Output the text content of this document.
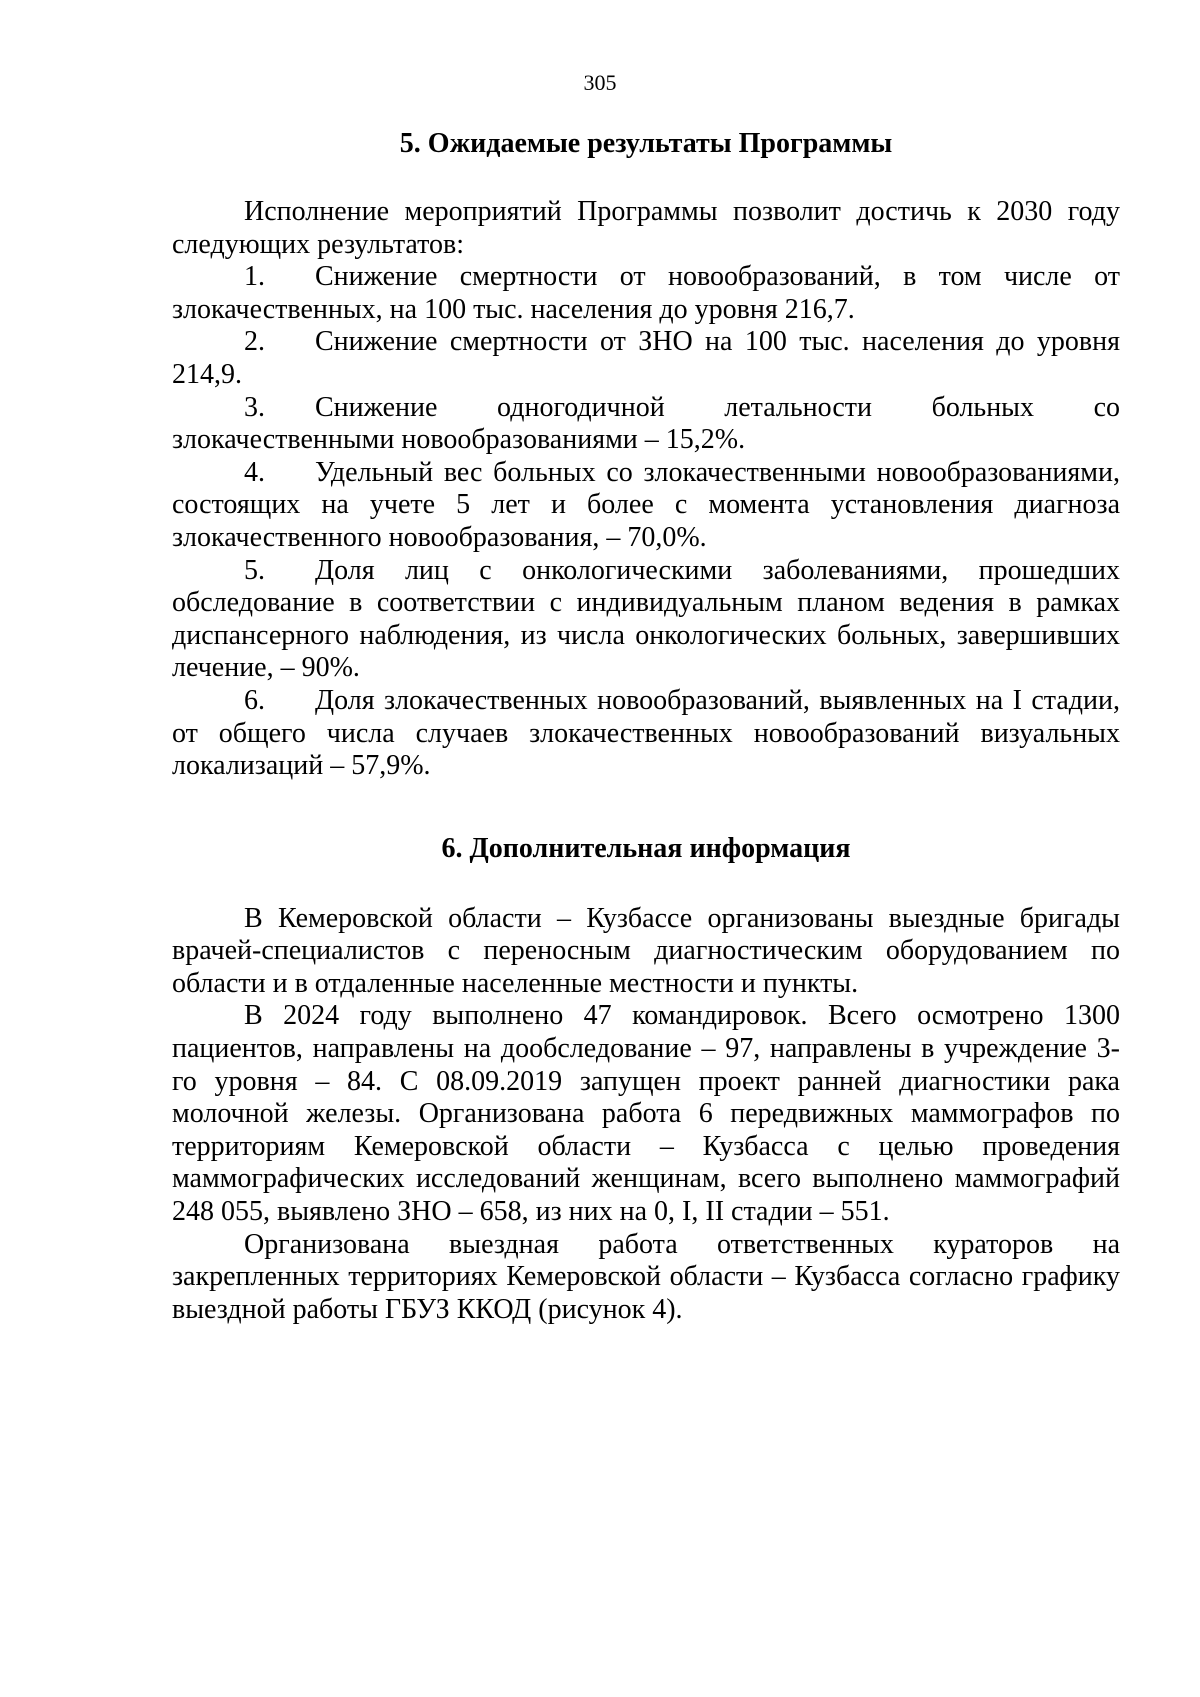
305
5. Ожидаемые результаты Программы

Исполнение мероприятий Программы позволит достичь к 2030 году следующих результатов:

1. Снижение смертности от новообразований, в том числе от злокачественных, на 100 тыс. населения до уровня 216,7.

2. Снижение смертности от ЗНО на 100 тыс. населения до уровня 214,9.

3. Снижение одногодичной летальности больных со злокачественными новообразованиями – 15,2%.

4. Удельный вес больных со злокачественными новообразованиями, состоящих на учете 5 лет и более с момента установления диагноза злокачественного новообразования, – 70,0%.

5. Доля лиц с онкологическими заболеваниями, прошедших обследование в соответствии с индивидуальным планом ведения в рамках диспансерного наблюдения, из числа онкологических больных, завершивших лечение, – 90%.

6. Доля злокачественных новообразований, выявленных на I стадии, от общего числа случаев злокачественных новообразований визуальных локализаций – 57,9%.

6. Дополнительная информация

В Кемеровской области – Кузбассе организованы выездные бригады врачей-специалистов с переносным диагностическим оборудованием по области и в отдаленные населенные местности и пункты.

В 2024 году выполнено 47 командировок. Всего осмотрено 1300 пациентов, направлены на дообследование – 97, направлены в учреждение 3-го уровня – 84. С 08.09.2019 запущен проект ранней диагностики рака молочной железы. Организована работа 6 передвижных маммографов по территориям Кемеровской области – Кузбасса с целью проведения маммографических исследований женщинам, всего выполнено маммографий 248 055, выявлено ЗНО – 658, из них на 0, I, II стадии – 551.

Организована выездная работа ответственных кураторов на закрепленных территориях Кемеровской области – Кузбасса согласно графику выездной работы ГБУЗ ККОД (рисунок 4).
